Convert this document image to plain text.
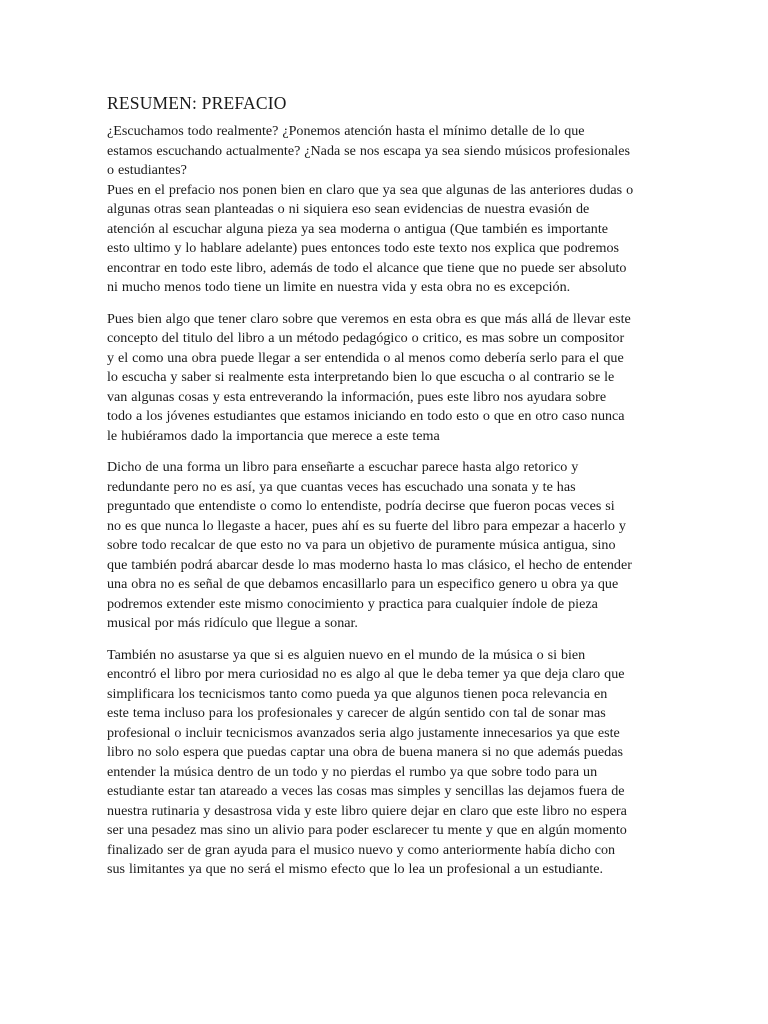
RESUMEN: PREFACIO

¿Escuchamos todo realmente? ¿Ponemos atención hasta el mínimo detalle de lo que
estamos escuchando actualmente? ¿Nada se nos escapa ya sea siendo músicos profesionales
o estudiantes?
Pues en el prefacio nos ponen bien en claro que ya sea que algunas de las anteriores dudas o
algunas otras sean planteadas o ni siquiera eso sean evidencias de nuestra evasión de
atención al escuchar alguna pieza ya sea moderna o antigua (Que también es importante
esto ultimo y lo hablare adelante) pues entonces todo este texto nos explica que podremos
encontrar en todo este libro, además de todo el alcance que tiene que no puede ser absoluto
ni mucho menos todo tiene un limite en nuestra vida y esta obra no es excepción.

Pues bien algo que tener claro sobre que veremos en esta obra es que más allá de llevar este
concepto del titulo del libro a un método pedagógico o critico, es mas sobre un compositor
y el como una obra puede llegar a ser entendida o al menos como debería serlo para el que
lo escucha y saber si realmente esta interpretando bien lo que escucha o al contrario se le
van algunas cosas y esta entreverando la información, pues este libro nos ayudara sobre
todo a los jóvenes estudiantes que estamos iniciando en todo esto o que en otro caso nunca
le hubiéramos dado la importancia que merece a este tema

Dicho de una forma un libro para enseñarte a escuchar parece hasta algo retorico y
redundante pero no es así, ya que cuantas veces has escuchado una sonata y te has
preguntado que entendiste o como lo entendiste, podría decirse que fueron pocas veces si
no es que nunca lo llegaste a hacer, pues ahí es su fuerte del libro para empezar a hacerlo y
sobre todo recalcar de que esto no va para un objetivo de puramente música antigua, sino
que también podrá abarcar desde lo mas moderno hasta lo mas clásico, el hecho de entender
una obra no es señal de que debamos encasillarlo para un especifico genero u obra ya que
podremos extender este mismo conocimiento y practica para cualquier índole de pieza
musical por más ridículo que llegue a sonar.

También no asustarse ya que si es alguien nuevo en el mundo de la música o si bien
encontró el libro por mera curiosidad no es algo al que le deba temer ya que deja claro que
simplificara los tecnicismos tanto como pueda ya que algunos tienen poca relevancia en
este tema incluso para los profesionales y carecer de algún sentido con tal de sonar mas
profesional o incluir tecnicismos avanzados seria algo justamente innecesarios ya que este
libro no solo espera que puedas captar una obra de buena manera si no que además puedas
entender la música dentro de un todo y no pierdas el rumbo ya que sobre todo para un
estudiante estar tan atareado a veces las cosas mas simples y sencillas las dejamos fuera de
nuestra rutinaria y desastrosa vida y este libro quiere dejar en claro que este libro no espera
ser una pesadez mas sino un alivio para poder esclarecer tu mente y que en algún momento
finalizado ser de gran ayuda para el musico nuevo y como anteriormente había dicho con
sus limitantes ya que no será el mismo efecto que lo lea un profesional a un estudiante.
